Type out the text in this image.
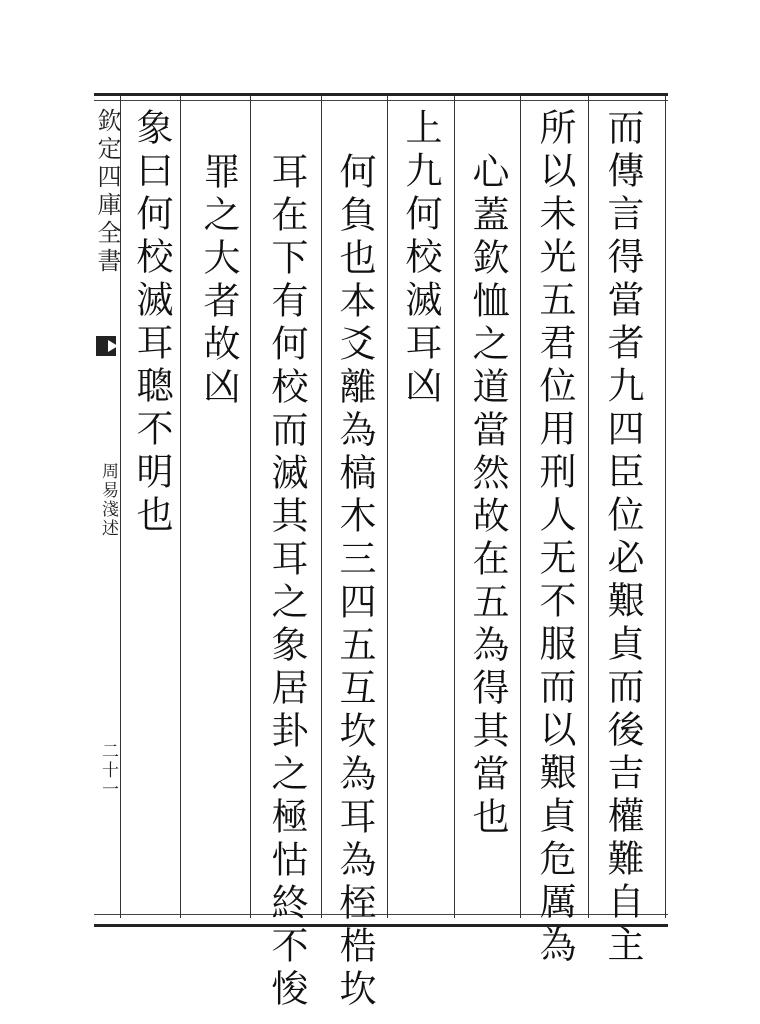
而傳言得當者九四臣位必艱貞而後吉權難自主
所以未光五君位用刑人无不服而以艱貞危厲為
心蓋欽恤之道當然故在五為得其當也
上九何校滅耳凶
何負也本爻離為槁木三四五互坎為耳為桎梏坎
耳在下有何校而滅其耳之象居卦之極怙終不悛
罪之大者故凶
象曰何校滅耳聰不明也
欽定四庫全書
周易淺述
二十一
